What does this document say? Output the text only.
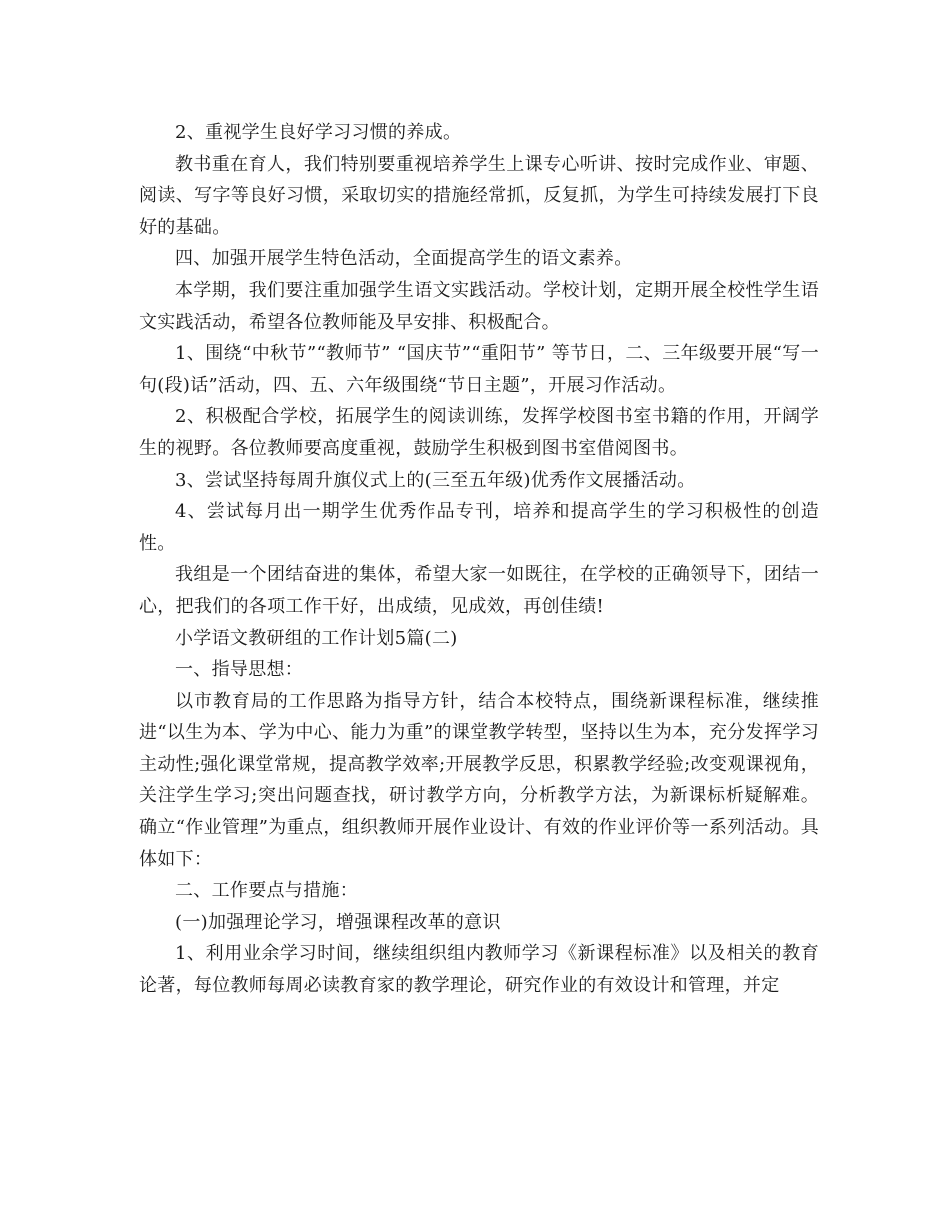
2、重视学生良好学习习惯的养成。

教书重在育人，我们特别要重视培养学生上课专心听讲、按时完成作业、审题、阅读、写字等良好习惯，采取切实的措施经常抓，反复抓，为学生可持续发展打下良好的基础。

四、加强开展学生特色活动，全面提高学生的语文素养。

本学期，我们要注重加强学生语文实践活动。学校计划，定期开展全校性学生语文实践活动，希望各位教师能及早安排、积极配合。

1、围绕“中秋节”“教师节” “国庆节”“重阳节” 等节日，二、三年级要开展“写一句(段)话”活动，四、五、六年级围绕“节日主题”，开展习作活动。

2、积极配合学校，拓展学生的阅读训练，发挥学校图书室书籍的作用，开阔学生的视野。各位教师要高度重视，鼓励学生积极到图书室借阅图书。

3、尝试坚持每周升旗仪式上的(三至五年级)优秀作文展播活动。

4、尝试每月出一期学生优秀作品专刊，培养和提高学生的学习积极性的创造性。

我组是一个团结奋进的集体，希望大家一如既往，在学校的正确领导下，团结一心，把我们的各项工作干好，出成绩，见成效，再创佳绩!

小学语文教研组的工作计划5篇(二)

一、指导思想：

以市教育局的工作思路为指导方针，结合本校特点，围绕新课程标准，继续推进“以生为本、学为中心、能力为重”的课堂教学转型，坚持以生为本，充分发挥学习主动性;强化课堂常规，提高教学效率;开展教学反思，积累教学经验;改变观课视角，关注学生学习;突出问题查找，研讨教学方向，分析教学方法，为新课标析疑解难。确立“作业管理”为重点，组织教师开展作业设计、有效的作业评价等一系列活动。具体如下：

二、工作要点与措施：

(一)加强理论学习，增强课程改革的意识

1、利用业余学习时间，继续组织组内教师学习《新课程标准》以及相关的教育论著，每位教师每周必读教育家的教学理论，研究作业的有效设计和管理，并定
